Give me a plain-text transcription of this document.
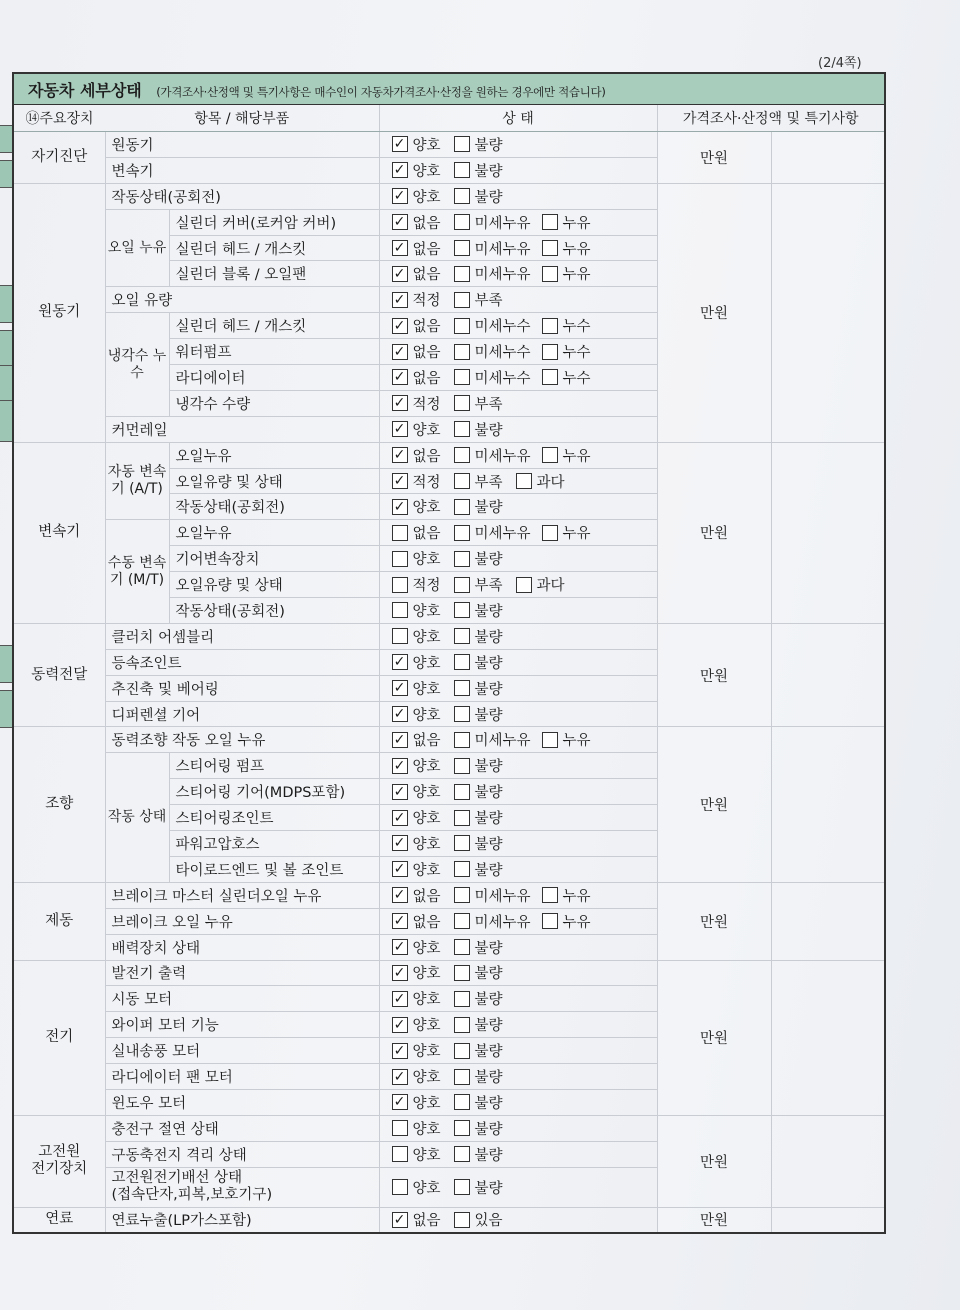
(2/4쪽)
자동차 세부상태 (가격조사·산정액 및 특기사항은 매수인이 자동차가격조사·산정을 원하는 경우에만 적습니다)					
⑭주요장치	항목 / 해당부품		상 태	가격조사·산정액 및 특기사항	
자기진단	원동기		✓ 양호 불량	만원	
	변속기		✓ 양호 불량		
원동기	작동상태(공회전)		✓ 양호 불량	만원	
	오일 누유	실린더 커버(로커암 커버)	✓ 없음 미세누유 누유		
		실린더 헤드 / 개스킷	✓ 없음 미세누유 누유		
		실린더 블록 / 오일팬	✓ 없음 미세누유 누유		
	오일 유량		✓ 적정 부족		
	냉각수 누수	실린더 헤드 / 개스킷	✓ 없음 미세누수 누수		
		워터펌프	✓ 없음 미세누수 누수		
		라디에이터	✓ 없음 미세누수 누수		
		냉각수 수량	✓ 적정 부족		
	커먼레일		✓ 양호 불량		
변속기	자동 변속기 (A/T)	오일누유	✓ 없음 미세누유 누유	만원	
		오일유량 및 상태	✓ 적정 부족 과다		
		작동상태(공회전)	✓ 양호 불량		
	수동 변속기 (M/T)	오일누유	없음 미세누유 누유		
		기어변속장치	양호 불량		
		오일유량 및 상태	적정 부족 과다		
		작동상태(공회전)	양호 불량		
동력전달	클러치 어셈블리		양호 불량	만원	
	등속조인트		✓ 양호 불량		
	추진축 및 베어링		✓ 양호 불량		
	디퍼렌셜 기어		✓ 양호 불량		
조향	동력조향 작동 오일 누유		✓ 없음 미세누유 누유	만원	
	작동 상태	스티어링 펌프	✓ 양호 불량		
		스티어링 기어(MDPS포함)	✓ 양호 불량		
		스티어링조인트	✓ 양호 불량		
		파워고압호스	✓ 양호 불량		
		타이로드엔드 및 볼 조인트	✓ 양호 불량		
제동	브레이크 마스터 실린더오일 누유		✓ 없음 미세누유 누유	만원	
	브레이크 오일 누유		✓ 없음 미세누유 누유		
	배력장치 상태		✓ 양호 불량		
전기	발전기 출력		✓ 양호 불량	만원	
	시동 모터		✓ 양호 불량		
	와이퍼 모터 기능		✓ 양호 불량		
	실내송풍 모터		✓ 양호 불량		
	라디에이터 팬 모터		✓ 양호 불량		
	윈도우 모터		✓ 양호 불량		
고전원
전기장치	충전구 절연 상태		양호 불량	만원	
	구동축전지 격리 상태		양호 불량		
	고전원전기배선 상태
(접속단자,피복,보호기구)		양호 불량		
연료	연료누출(LP가스포함)		✓ 없음 있음	만원	
